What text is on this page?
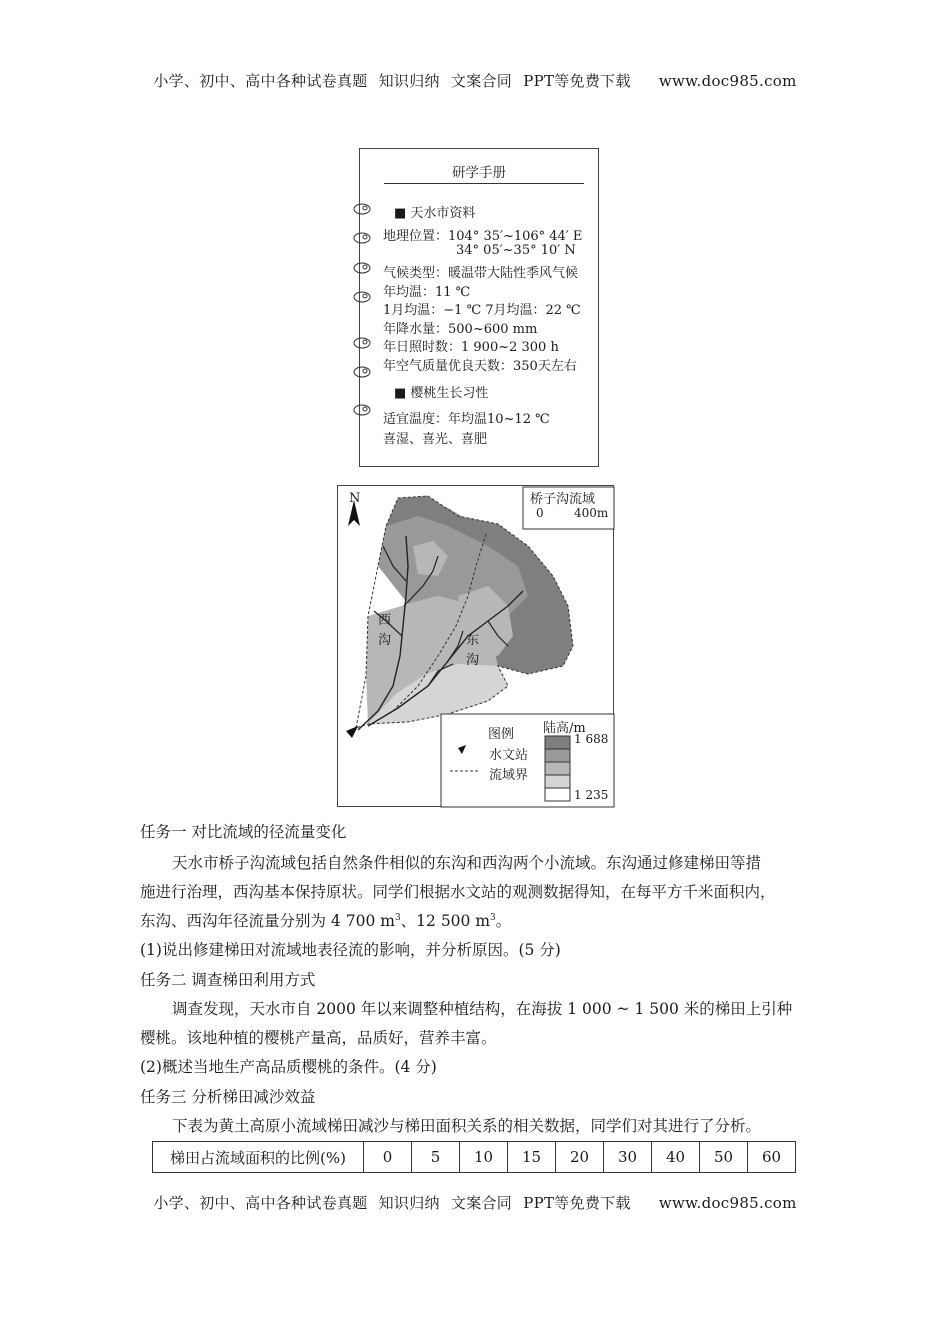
小学、初中、高中各种试卷真题 知识归纳 文案合同 PPT等免费下载 www.doc985.com
研学手册
■ 天水市资料
地理位置：104° 35′~106° 44′ E
34° 05′~35° 10′ N
气候类型：暖温带大陆性季风气候
年均温：11 ℃
1月均温：−1 ℃ 7月均温：22 ℃
年降水量：500~600 mm
年日照时数：1 900~2 300 h
年空气质量优良天数：350天左右
■ 樱桃生长习性
适宜温度：年均温10~12 ℃
喜湿、喜光、喜肥
N	桥子沟流域
0	400m
西
沟	东
沟
图例
水文站
流域界
陆高/m
1 688
1 235
任务一 对比流域的径流量变化
天水市桥子沟流域包括自然条件相似的东沟和西沟两个小流域。东沟通过修建梯田等措
施进行治理，西沟基本保持原状。同学们根据水文站的观测数据得知，在每平方千米面积内，
东沟、西沟年径流量分别为 4 700 $m^3$、12 500 $m^3$。
(1)说出修建梯田对流域地表径流的影响，并分析原因。(5 分)
任务二 调查梯田利用方式
调查发现，天水市自 2000 年以来调整种植结构，在海拔 1 000 ~ 1 500 米的梯田上引种
樱桃。该地种植的樱桃产量高，品质好，营养丰富。
(2)概述当地生产高品质樱桃的条件。(4 分)
任务三 分析梯田减沙效益
下表为黄土高原小流域梯田减沙与梯田面积关系的相关数据，同学们对其进行了分析。
梯田占流域面积的比例(%)	0	5	10	15	20	30	40	50	60
小学、初中、高中各种试卷真题 知识归纳 文案合同 PPT等免费下载 www.doc985.com
